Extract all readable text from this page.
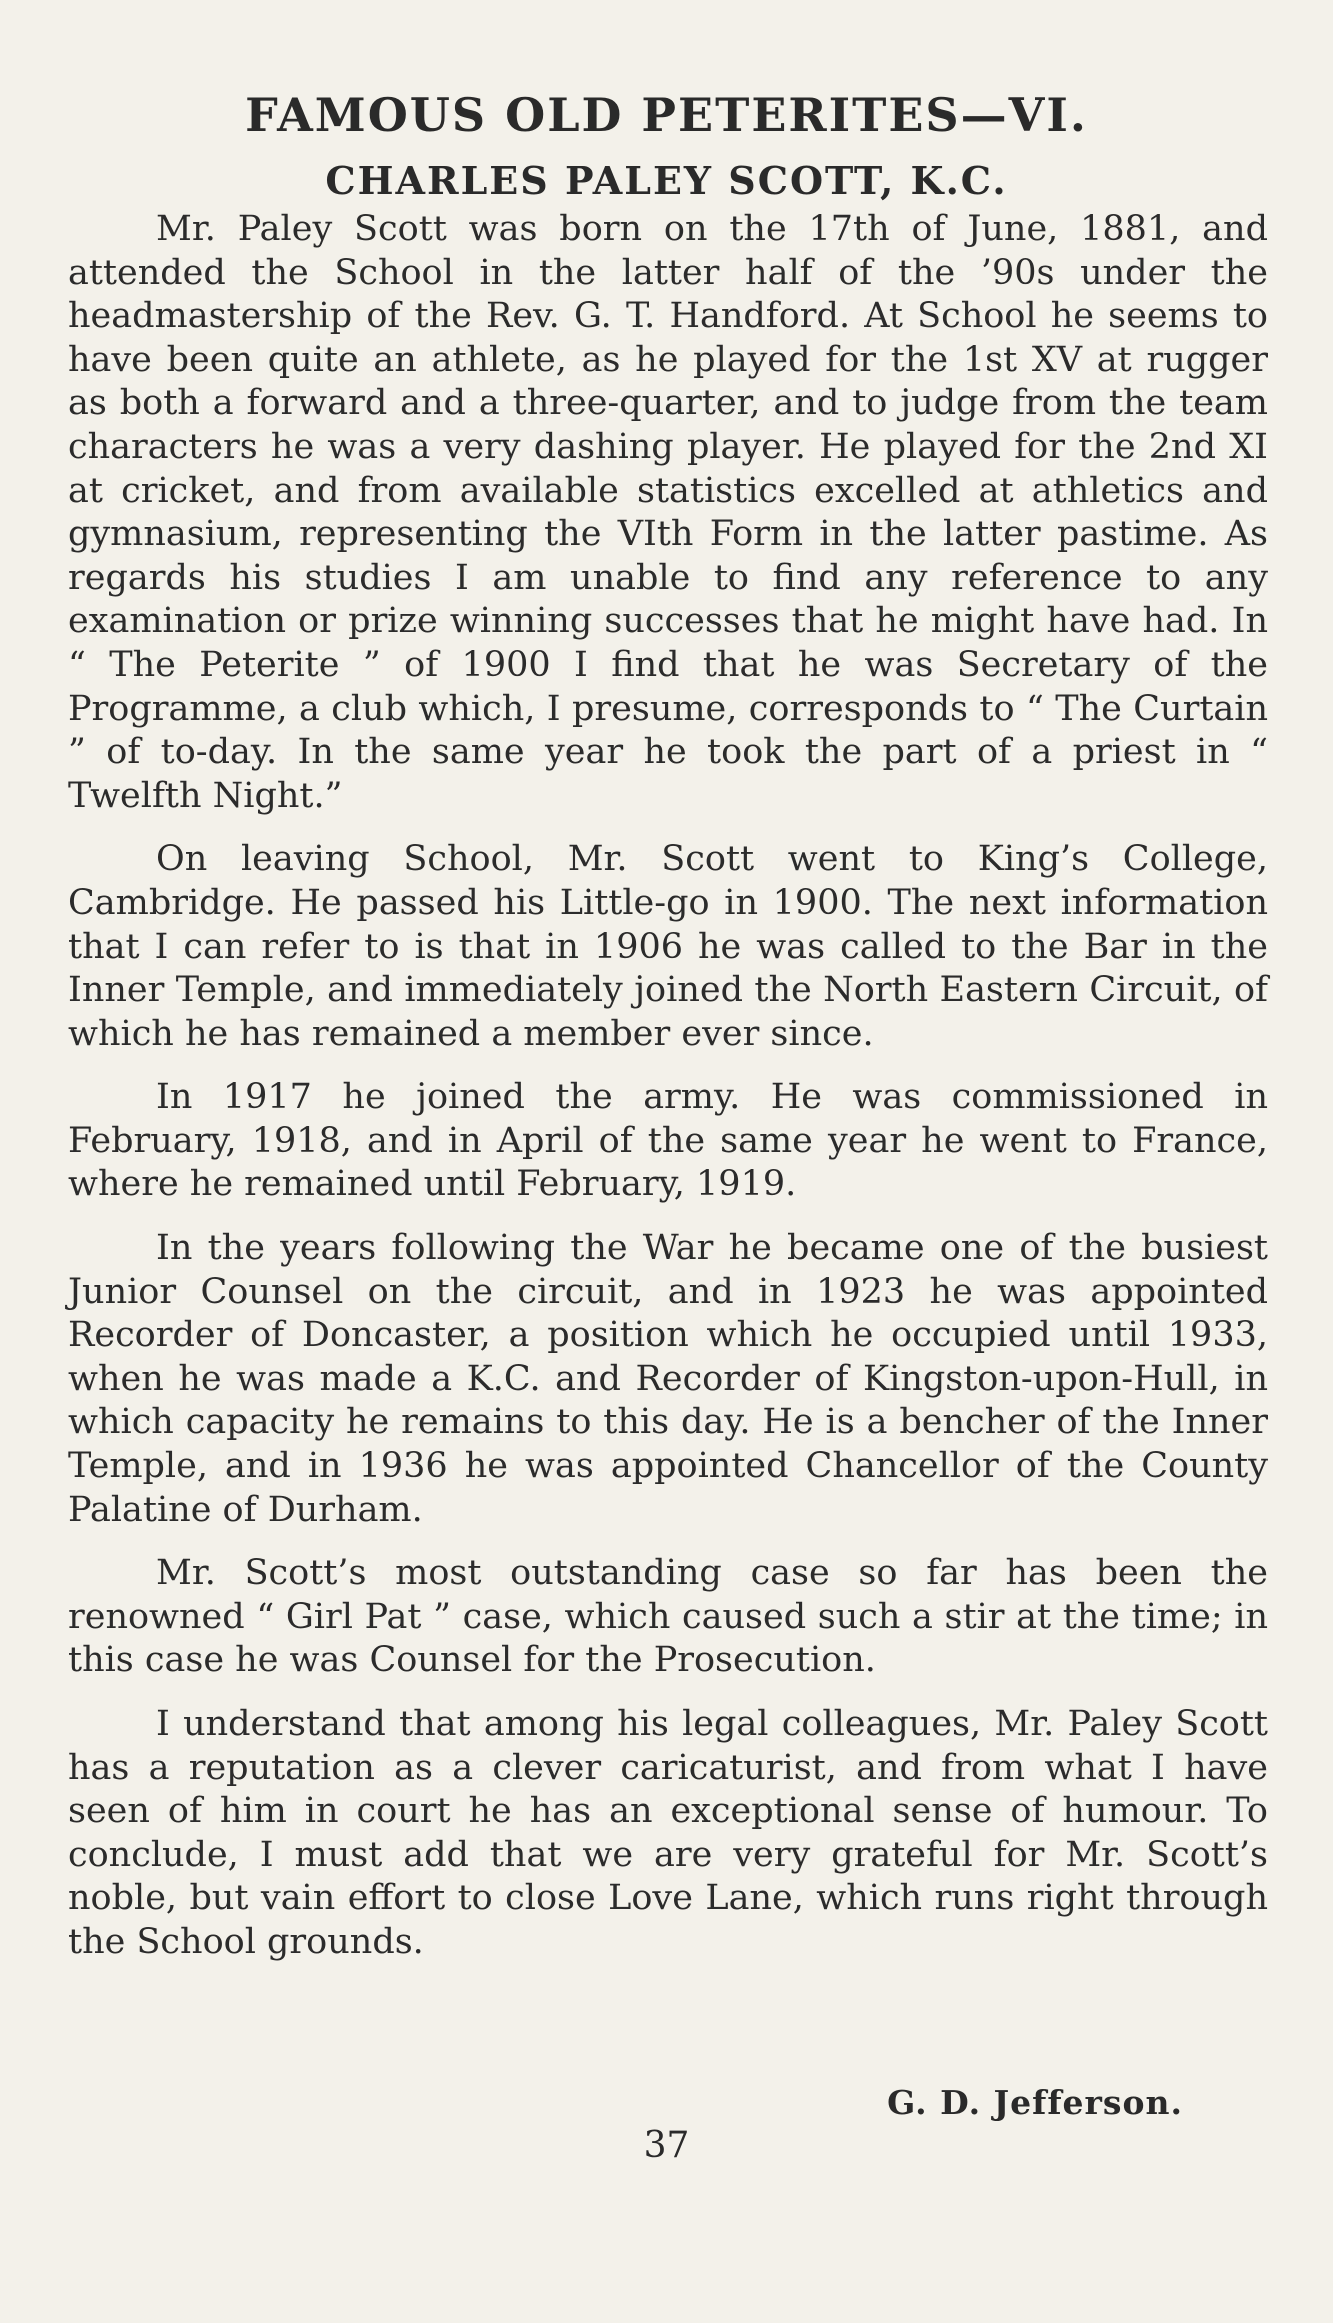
FAMOUS OLD PETERITES—VI.
CHARLES PALEY SCOTT, K.C.

Mr. Paley Scott was born on the 17th of June, 1881, and attended the School in the latter half of the ’90s under the headmastership of the Rev. G. T. Handford. At School he seems to have been quite an athlete, as he played for the 1st XV at rugger as both a forward and a three-quarter, and to judge from the team characters he was a very dashing player. He played for the 2nd XI at cricket, and from available statistics excelled at athletics and gymnasium, representing the VIth Form in the latter pastime. As regards his studies I am unable to find any reference to any examination or prize winning successes that he might have had. In “ The Peterite ” of 1900 I find that he was Secretary of the Programme, a club which, I presume, corresponds to “ The Curtain ” of to-day. In the same year he took the part of a priest in “ Twelfth Night.”

On leaving School, Mr. Scott went to King’s College, Cambridge. He passed his Little-go in 1900. The next information that I can refer to is that in 1906 he was called to the Bar in the Inner Temple, and immediately joined the North Eastern Circuit, of which he has remained a member ever since.

In 1917 he joined the army. He was commissioned in February, 1918, and in April of the same year he went to France, where he remained until February, 1919.

In the years following the War he became one of the busiest Junior Counsel on the circuit, and in 1923 he was appointed Recorder of Doncaster, a position which he occupied until 1933, when he was made a K.C. and Recorder of Kingston-upon-Hull, in which capacity he remains to this day. He is a bencher of the Inner Temple, and in 1936 he was appointed Chancellor of the County Palatine of Durham.

Mr. Scott’s most outstanding case so far has been the renowned “ Girl Pat ” case, which caused such a stir at the time; in this case he was Counsel for the Prosecution.

I understand that among his legal colleagues, Mr. Paley Scott has a reputation as a clever caricaturist, and from what I have seen of him in court he has an exceptional sense of humour. To conclude, I must add that we are very grateful for Mr. Scott’s noble, but vain effort to close Love Lane, which runs right through the School grounds.

G. D. Jefferson.
37
